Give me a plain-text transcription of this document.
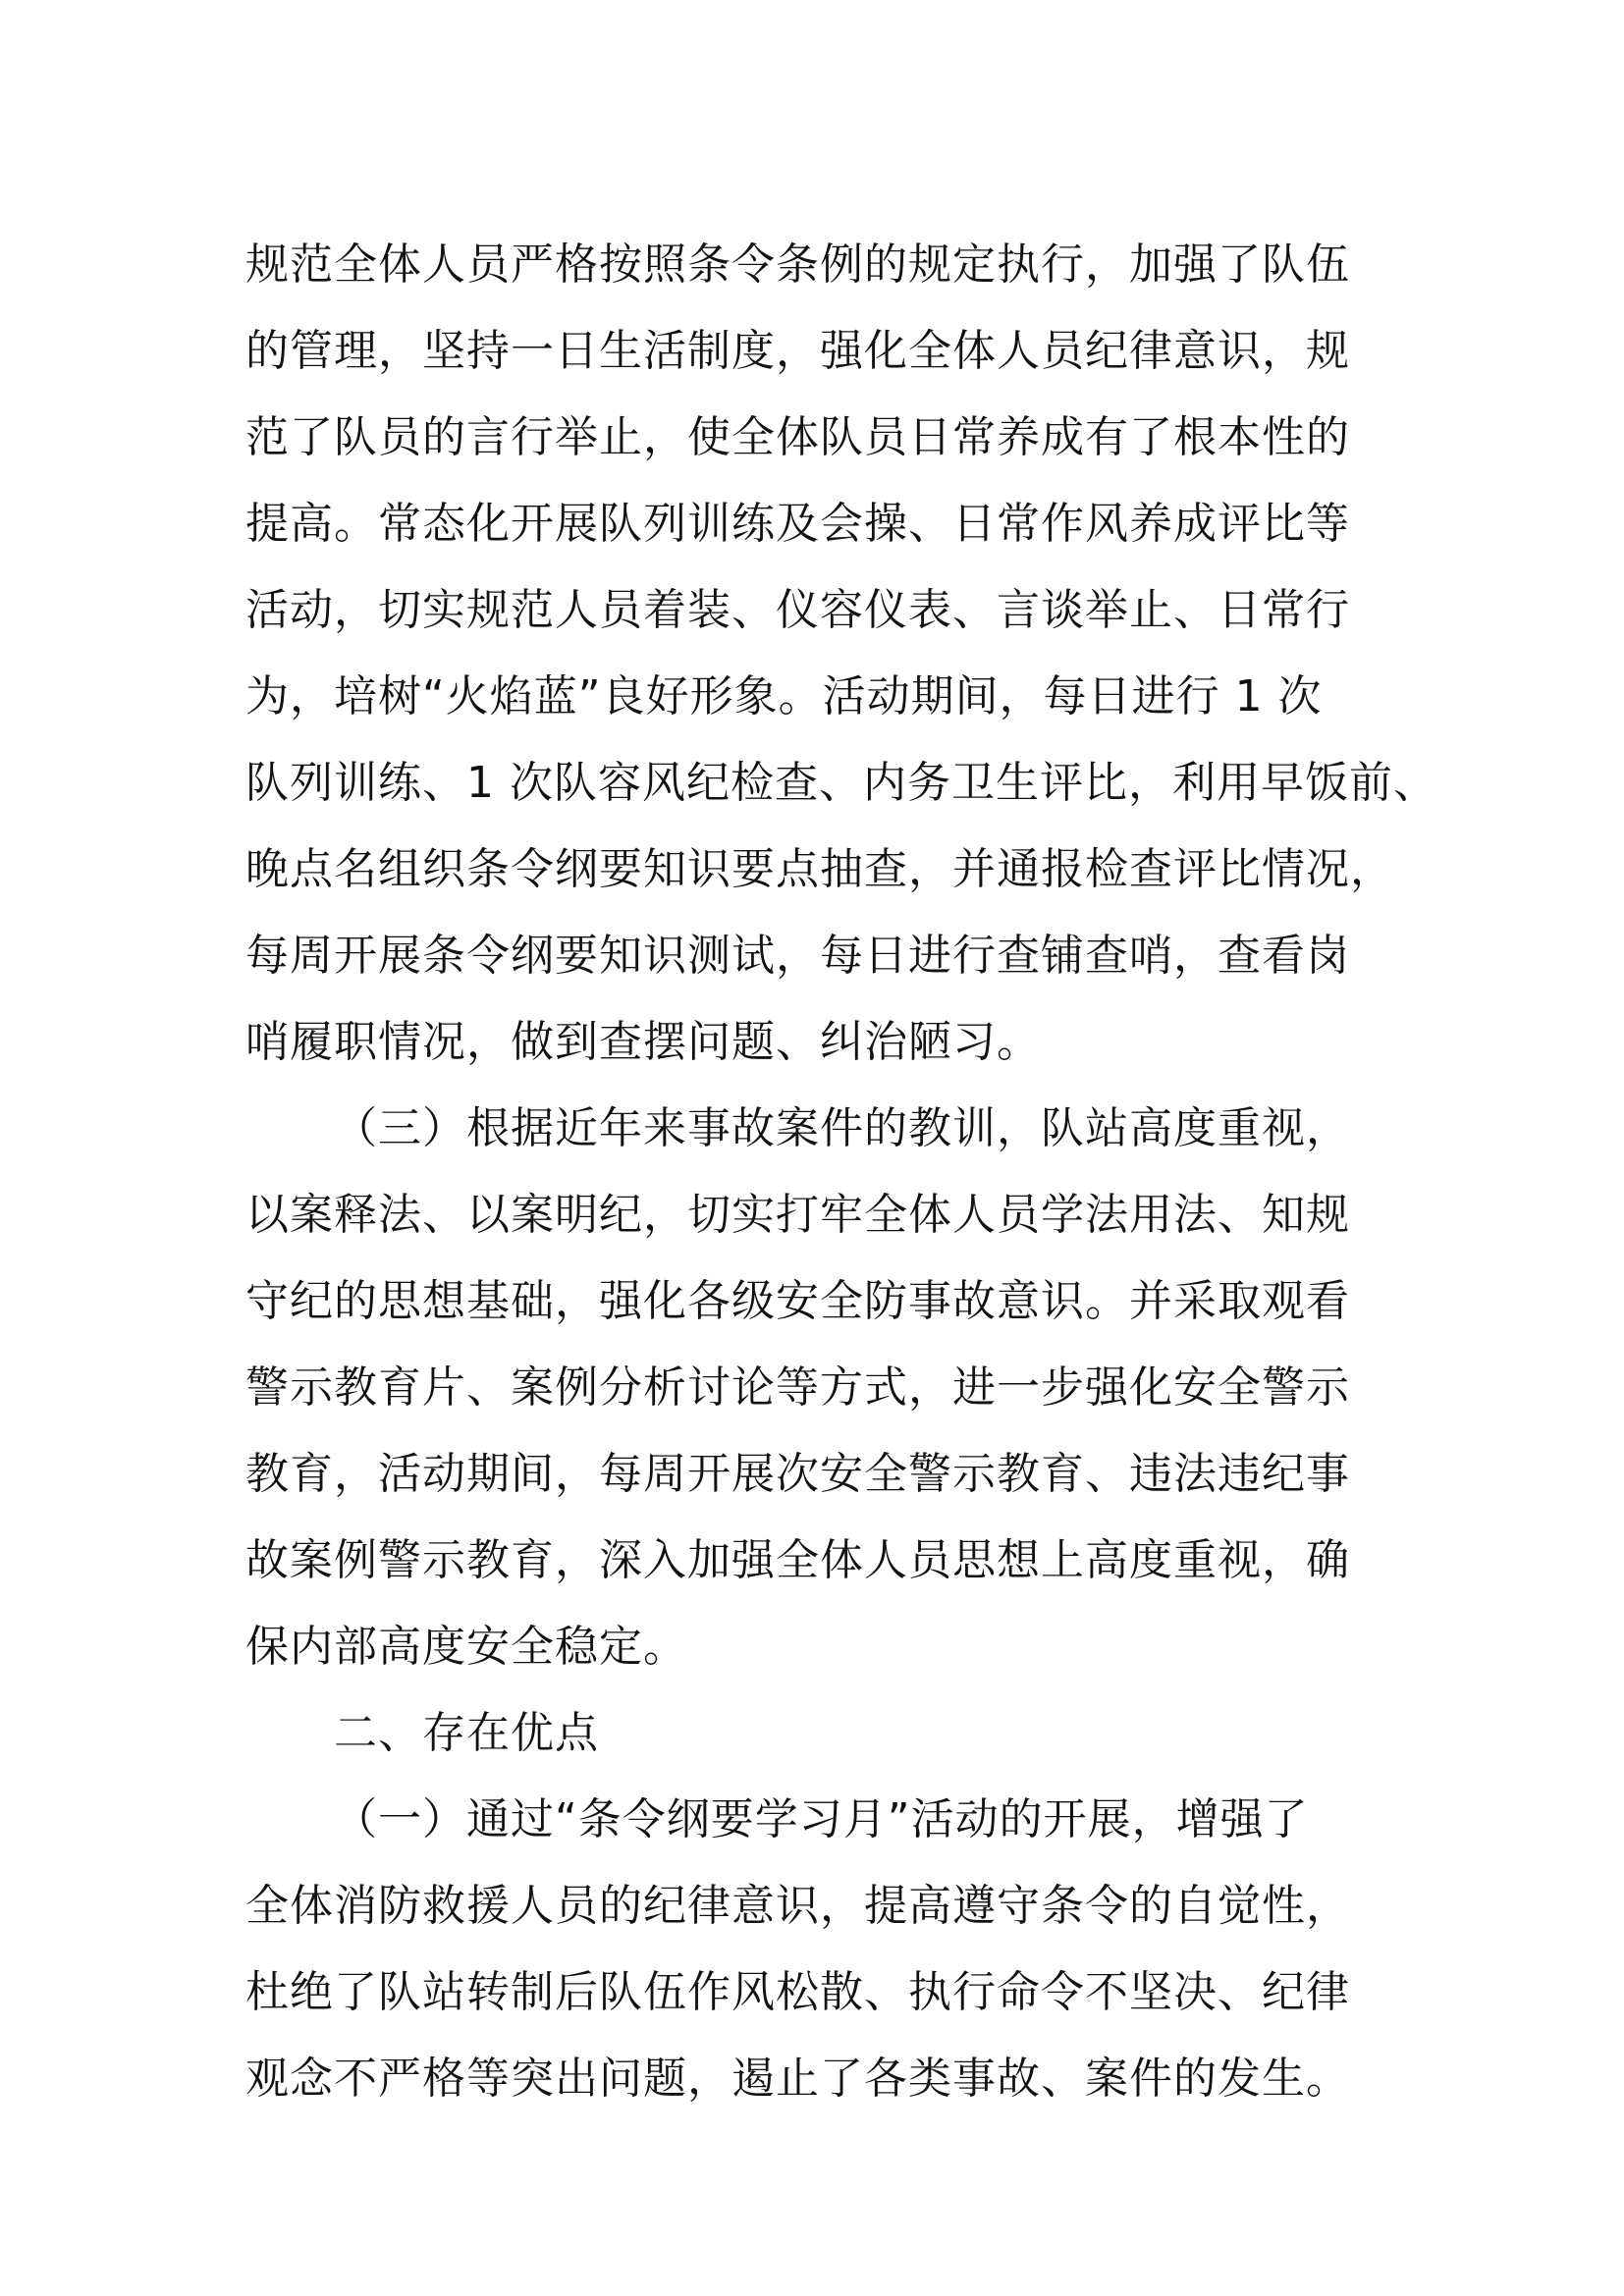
规范全体人员严格按照条令条例的规定执行，加强了队伍
的管理，坚持一日生活制度，强化全体人员纪律意识，规
范了队员的言行举止，使全体队员日常养成有了根本性的
提高。常态化开展队列训练及会操、日常作风养成评比等
活动，切实规范人员着装、仪容仪表、言谈举止、日常行
为，培树“火焰蓝”良好形象。活动期间，每日进行 1 次
队列训练、1 次队容风纪检查、内务卫生评比，利用早饭前、
晚点名组织条令纲要知识要点抽查，并通报检查评比情况，
每周开展条令纲要知识测试，每日进行查铺查哨，查看岗
哨履职情况，做到查摆问题、纠治陋习。
（三）根据近年来事故案件的教训，队站高度重视，
以案释法、以案明纪，切实打牢全体人员学法用法、知规
守纪的思想基础，强化各级安全防事故意识。并采取观看
警示教育片、案例分析讨论等方式，进一步强化安全警示
教育，活动期间，每周开展次安全警示教育、违法违纪事
故案例警示教育，深入加强全体人员思想上高度重视，确
保内部高度安全稳定。
二、存在优点
（一）通过“条令纲要学习月”活动的开展，增强了
全体消防救援人员的纪律意识，提高遵守条令的自觉性，
杜绝了队站转制后队伍作风松散、执行命令不坚决、纪律
观念不严格等突出问题，遏止了各类事故、案件的发生。
